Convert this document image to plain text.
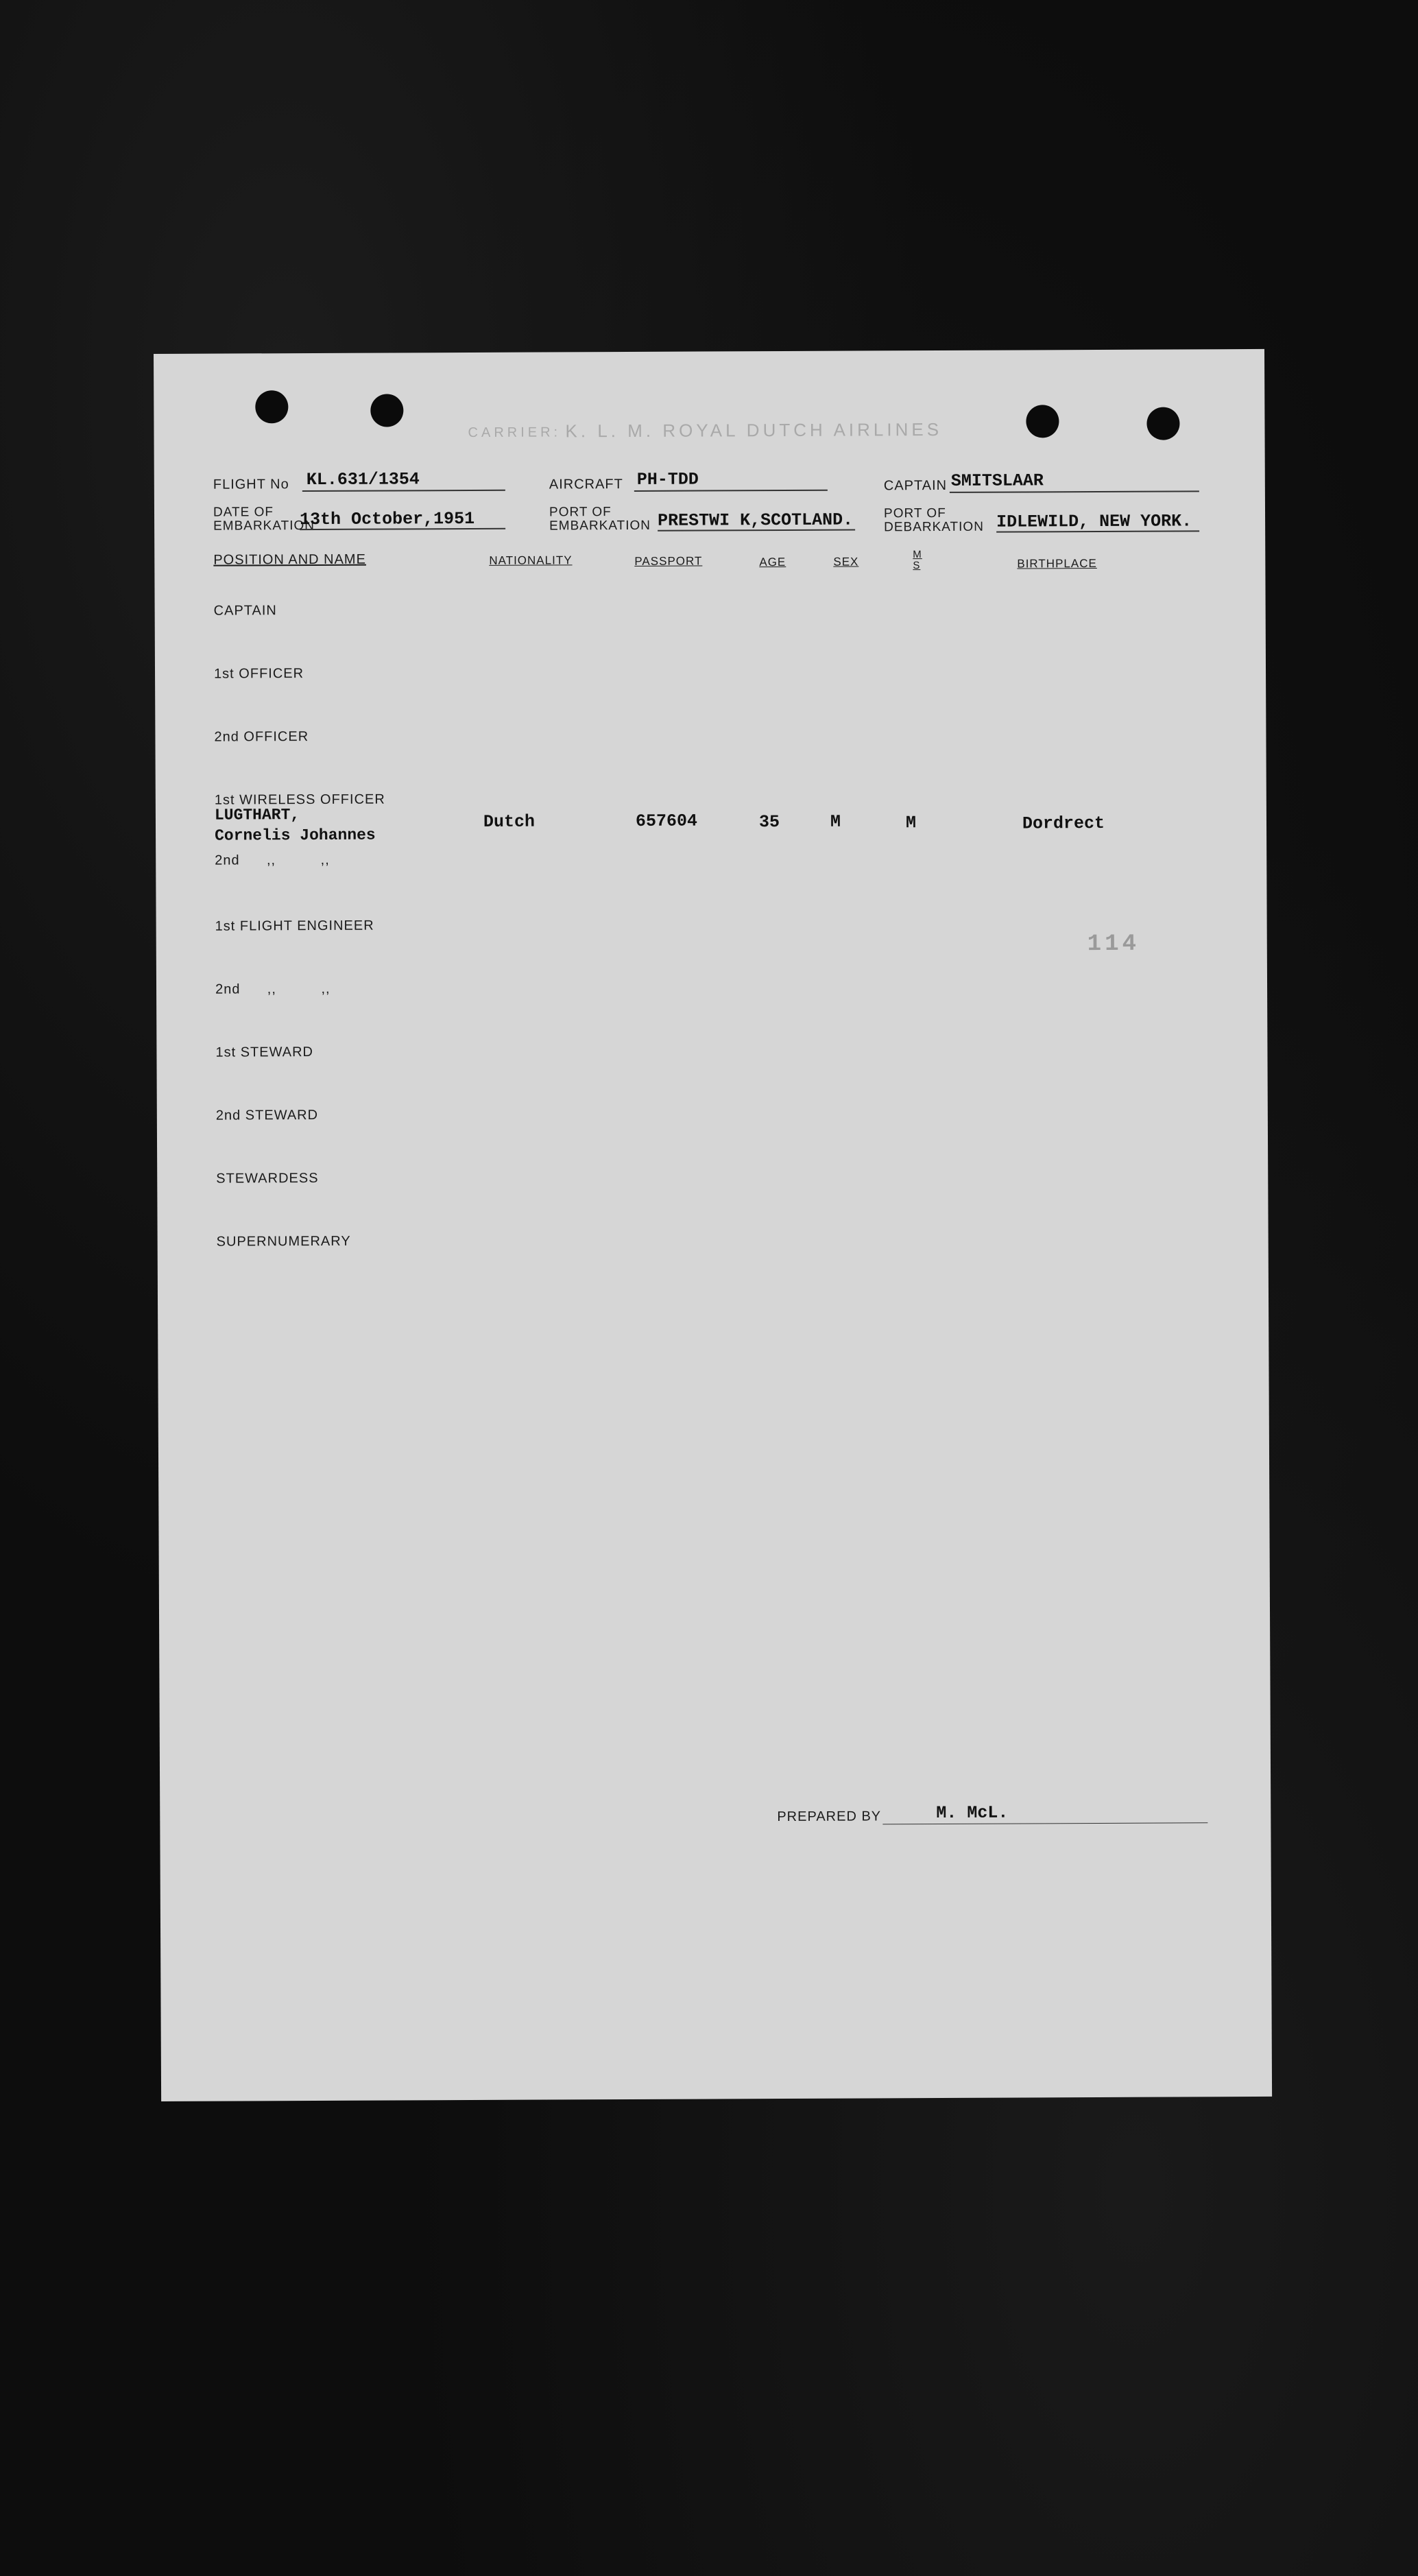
CARRIER: K. L. M. ROYAL DUTCH AIRLINES
FLIGHT No KL.631/1354	AIRCRAFT PH-TDD	CAPTAIN SMITSLAAR
DATE OF
EMBARKATION
13th October,1951	PORT OF
EMBARKATION PRESTWI K,SCOTLAND. PORT OF
DEBARKATION IDLEWILD, NEW YORK.
POSITION AND NAME	NATIONALITY	PASSPORT	AGE	SEX
M
S	BIRTHPLACE
CAPTAIN
1st OFFICER
2nd OFFICER
1st WIRELESS OFFICER
LUGTHART,
Cornelis Johannes
Dutch	657604	35	M	M	Dordrect
2nd      ,,          ,,
1st FLIGHT ENGINEER
114
2nd      ,,          ,,
1st STEWARD
2nd STEWARD
STEWARDESS
SUPERNUMERARY
PREPARED BY	M. McL.
